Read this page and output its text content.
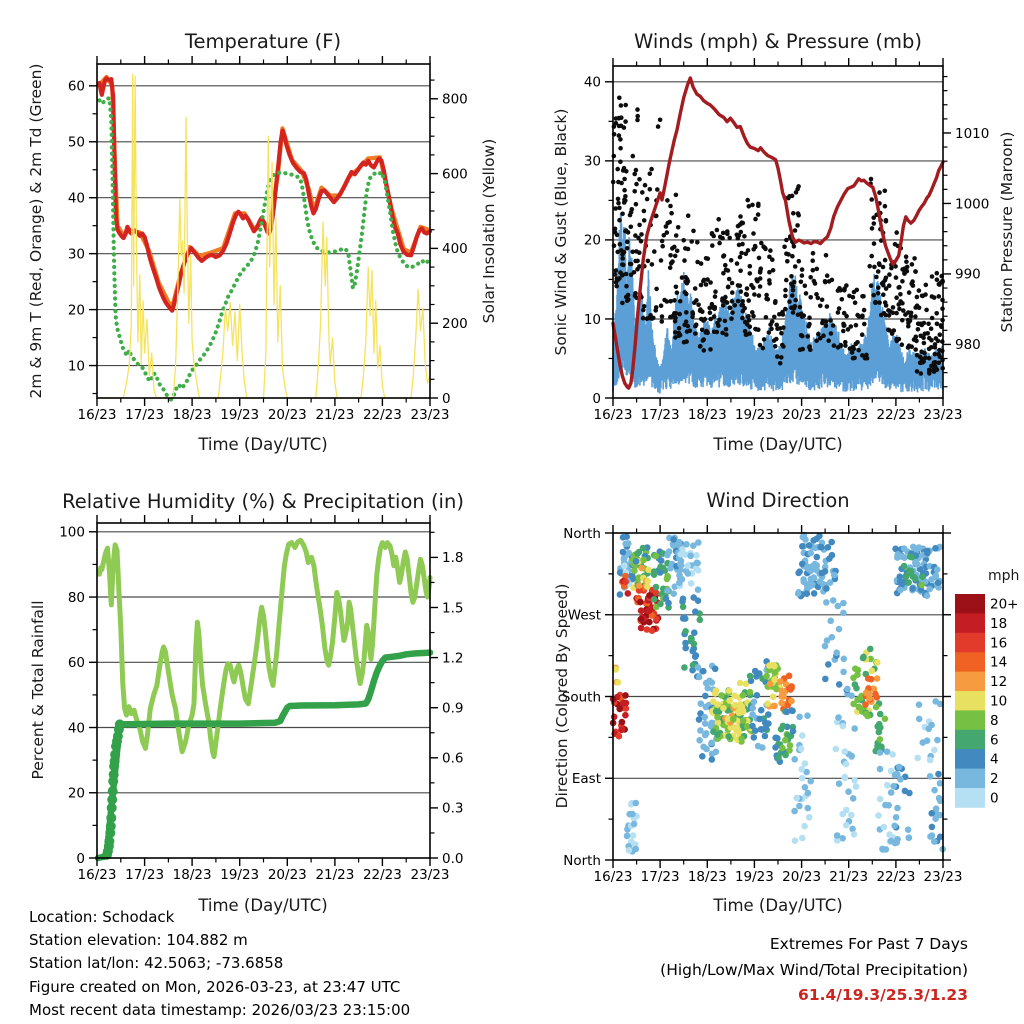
16/23 17/23 18/23 19/23 20/23 21/23 22/23 23/23
10
20
30
40
50
60
0
200
400
600
800
16/23 17/23 18/23 19/23 20/23 21/23 22/23 23/23
0
10
20
30
40
980
990
1000
1010
16/23 17/23 18/23 19/23 20/23 21/23 22/23 23/23
0
20
40
60
80
100
0.0
0.3
0.6
0.9
1.2
1.5
1.8
North
West
South
East
North
16/23 17/23 18/23 19/23 20/23 21/23 22/23 23/23
20+
18
16
14
12
10
8
6
4
2
0
Temperature (F)	Winds (mph) & Pressure (mb)
Relative Humidity (%) & Precipitation (in)	Wind Direction
Time (Day/UTC)	Time (Day/UTC)
Time (Day/UTC)	Time (Day/UTC)
2m & 9m T (Red, Orange) & 2m Td (Green)	Solar Insolation (Yellow)	Sonic Wind & Gust (Blue, Black)	Station Pressure (Maroon)
Percent & Total Rainfall	Direction (Colored By Speed)
mph
Location: Schodack
Station elevation: 104.882 m
Station lat/lon: 42.5063; -73.6858
Figure created on Mon, 2026-03-23, at 23:47 UTC
Most recent data timestamp: 2026/03/23 23:15:00
Extremes For Past 7 Days
(High/Low/Max Wind/Total Precipitation)
61.4/19.3/25.3/1.23
